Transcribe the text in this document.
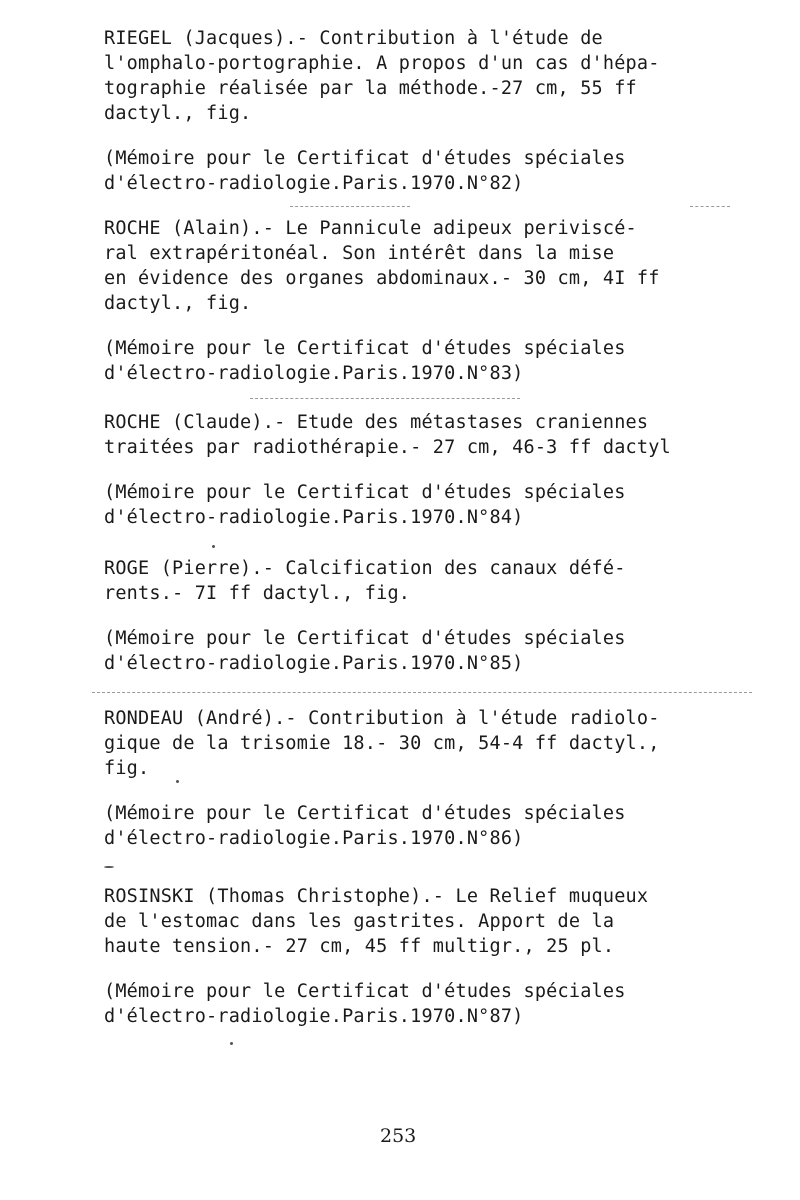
RIEGEL (Jacques).- Contribution à l'étude de
l'omphalo-portographie. A propos d'un cas d'hépa-
tographie réalisée par la méthode.-27 cm, 55 ff
dactyl., fig.
(Mémoire pour le Certificat d'études spéciales
d'électro-radiologie.Paris.1970.N°82)
ROCHE (Alain).- Le Pannicule adipeux periviscé-
ral extrapéritonéal. Son intérêt dans la mise
en évidence des organes abdominaux.- 30 cm, 4I ff
dactyl., fig.
(Mémoire pour le Certificat d'études spéciales
d'électro-radiologie.Paris.1970.N°83)
ROCHE (Claude).- Etude des métastases craniennes
traitées par radiothérapie.- 27 cm, 46-3 ff dactyl
(Mémoire pour le Certificat d'études spéciales
d'électro-radiologie.Paris.1970.N°84)
ROGE (Pierre).- Calcification des canaux défé-
rents.- 7I ff dactyl., fig.
(Mémoire pour le Certificat d'études spéciales
d'électro-radiologie.Paris.1970.N°85)
RONDEAU (André).- Contribution à l'étude radiolo-
gique de la trisomie 18.- 30 cm, 54-4 ff dactyl.,
fig.
(Mémoire pour le Certificat d'études spéciales
d'électro-radiologie.Paris.1970.N°86)
ROSINSKI (Thomas Christophe).- Le Relief muqueux
de l'estomac dans les gastrites. Apport de la
haute tension.- 27 cm, 45 ff multigr., 25 pl.
(Mémoire pour le Certificat d'études spéciales
d'électro-radiologie.Paris.1970.N°87)
253
